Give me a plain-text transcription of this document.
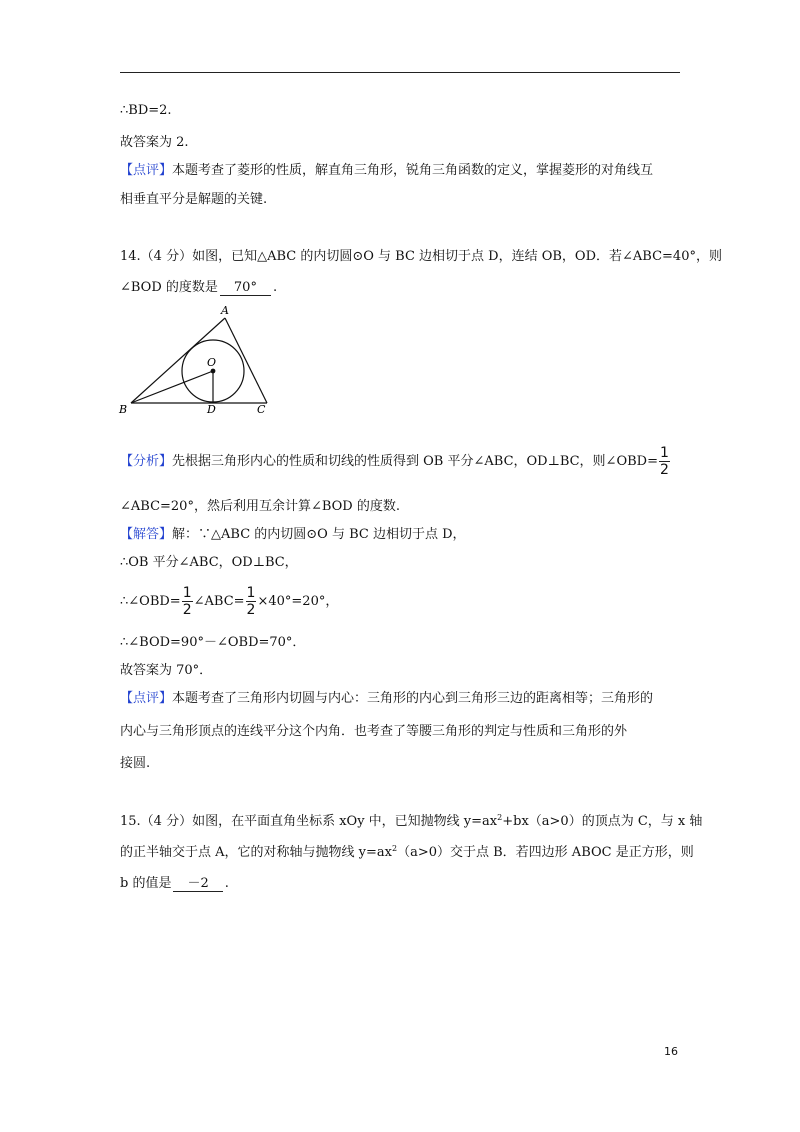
∴BD=2.
故答案为 2.
【点评】本题考查了菱形的性质，解直角三角形，锐角三角函数的定义，掌握菱形的对角线互
相垂直平分是解题的关键.
14.（4 分）如图，已知△ABC 的内切圆⊙O 与 BC 边相切于点 D，连结 OB，OD．若∠ABC=40°，则
∠BOD 的度数是 70° .
A
O
B	D	C
【分析】先根据三角形内心的性质和切线的性质得到 OB 平分∠ABC，OD⊥BC，则∠OBD= $\frac{1}{2}$
∠ABC=20°，然后利用互余计算∠BOD 的度数.
【解答】解：∵△ABC 的内切圆⊙O 与 BC 边相切于点 D，
∴OB 平分∠ABC，OD⊥BC，
∴∠OBD= $\frac{1}{2}$ ∠ABC= $\frac{1}{2} \times 40^\circ=20^\circ$，
∴∠BOD=90°－∠OBD=70°．
故答案为 70°．
【点评】本题考查了三角形内切圆与内心：三角形的内心到三角形三边的距离相等；三角形的
内心与三角形顶点的连线平分这个内角．也考查了等腰三角形的判定与性质和三角形的外
接圆.
15.（4 分）如图，在平面直角坐标系 xOy 中，已知抛物线 $y=ax^2+bx(a>0)$的顶点为 C，与 x 轴
的正半轴交于点 A，它的对称轴与抛物线 $y=ax^2(a>0)$交于点 B．若四边形 ABOC 是正方形，则
b 的值是 －2 .
16
